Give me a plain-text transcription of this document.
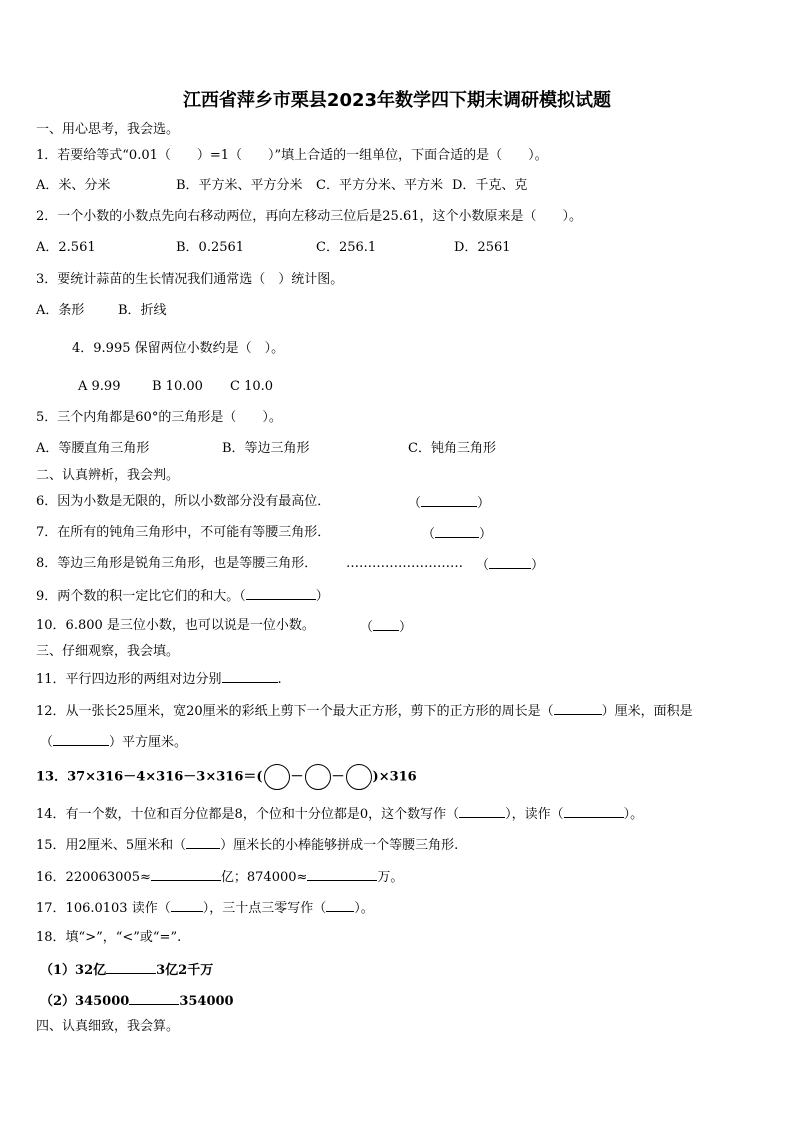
江西省萍乡市栗县2023年数学四下期末调研模拟试题
一、用心思考，我会选。
1．若要给等式“0.01（　　）=1（　　）”填上合适的一组单位，下面合适的是（　　）。
A．米、分米	B．平方米、平方分米 C．平方分米、平方米 D．千克、克
2．一个小数的小数点先向右移动两位，再向左移动三位后是25.61，这个小数原来是（　　）。
A．2.561	B．0.2561	C．256.1	D．2561
3．要统计蒜苗的生长情况我们通常选（　）统计图。
A．条形	B．折线
4．9.995 保留两位小数约是（　）。
A 9.99 B 10.00 C 10.0
5．三个内角都是60°的三角形是（　　）。
A．等腰直角三角形	B．等边三角形	C．钝角三角形
二、认真辨析，我会判。
6．因为小数是无限的，所以小数部分没有最高位．	（	）
7．在所有的钝角三角形中，不可能有等腰三角形．	（	）
8．等边三角形是锐角三角形，也是等腰三角形． ……………………… （	）
9．两个数的积一定比它们的和大。（	）
10．6.800 是三位小数，也可以说是一位小数。	（ ）
三、仔细观察，我会填。
11．平行四边形的两组对边分别	.
12．从一张长25厘米，宽20厘米的彩纸上剪下一个最大正方形，剪下的正方形的周长是（	）厘米，面积是
（	）平方厘米。
13．37×316－4×316－3×316＝( － － )×316
14．有一个数，十位和百分位都是8，个位和十分位都是0，这个数写作（	），读作（	）。
15．用2厘米、5厘米和（	）厘米长的小棒能够拼成一个等腰三角形.
16．220063005≈	亿；874000≈	万。
17．106.0103 读作（ ），三十点三零写作（ ）。
18．填“>”，“<”或“=”.
（1）32亿	3亿2千万
（2）345000	354000
四、认真细致，我会算。
